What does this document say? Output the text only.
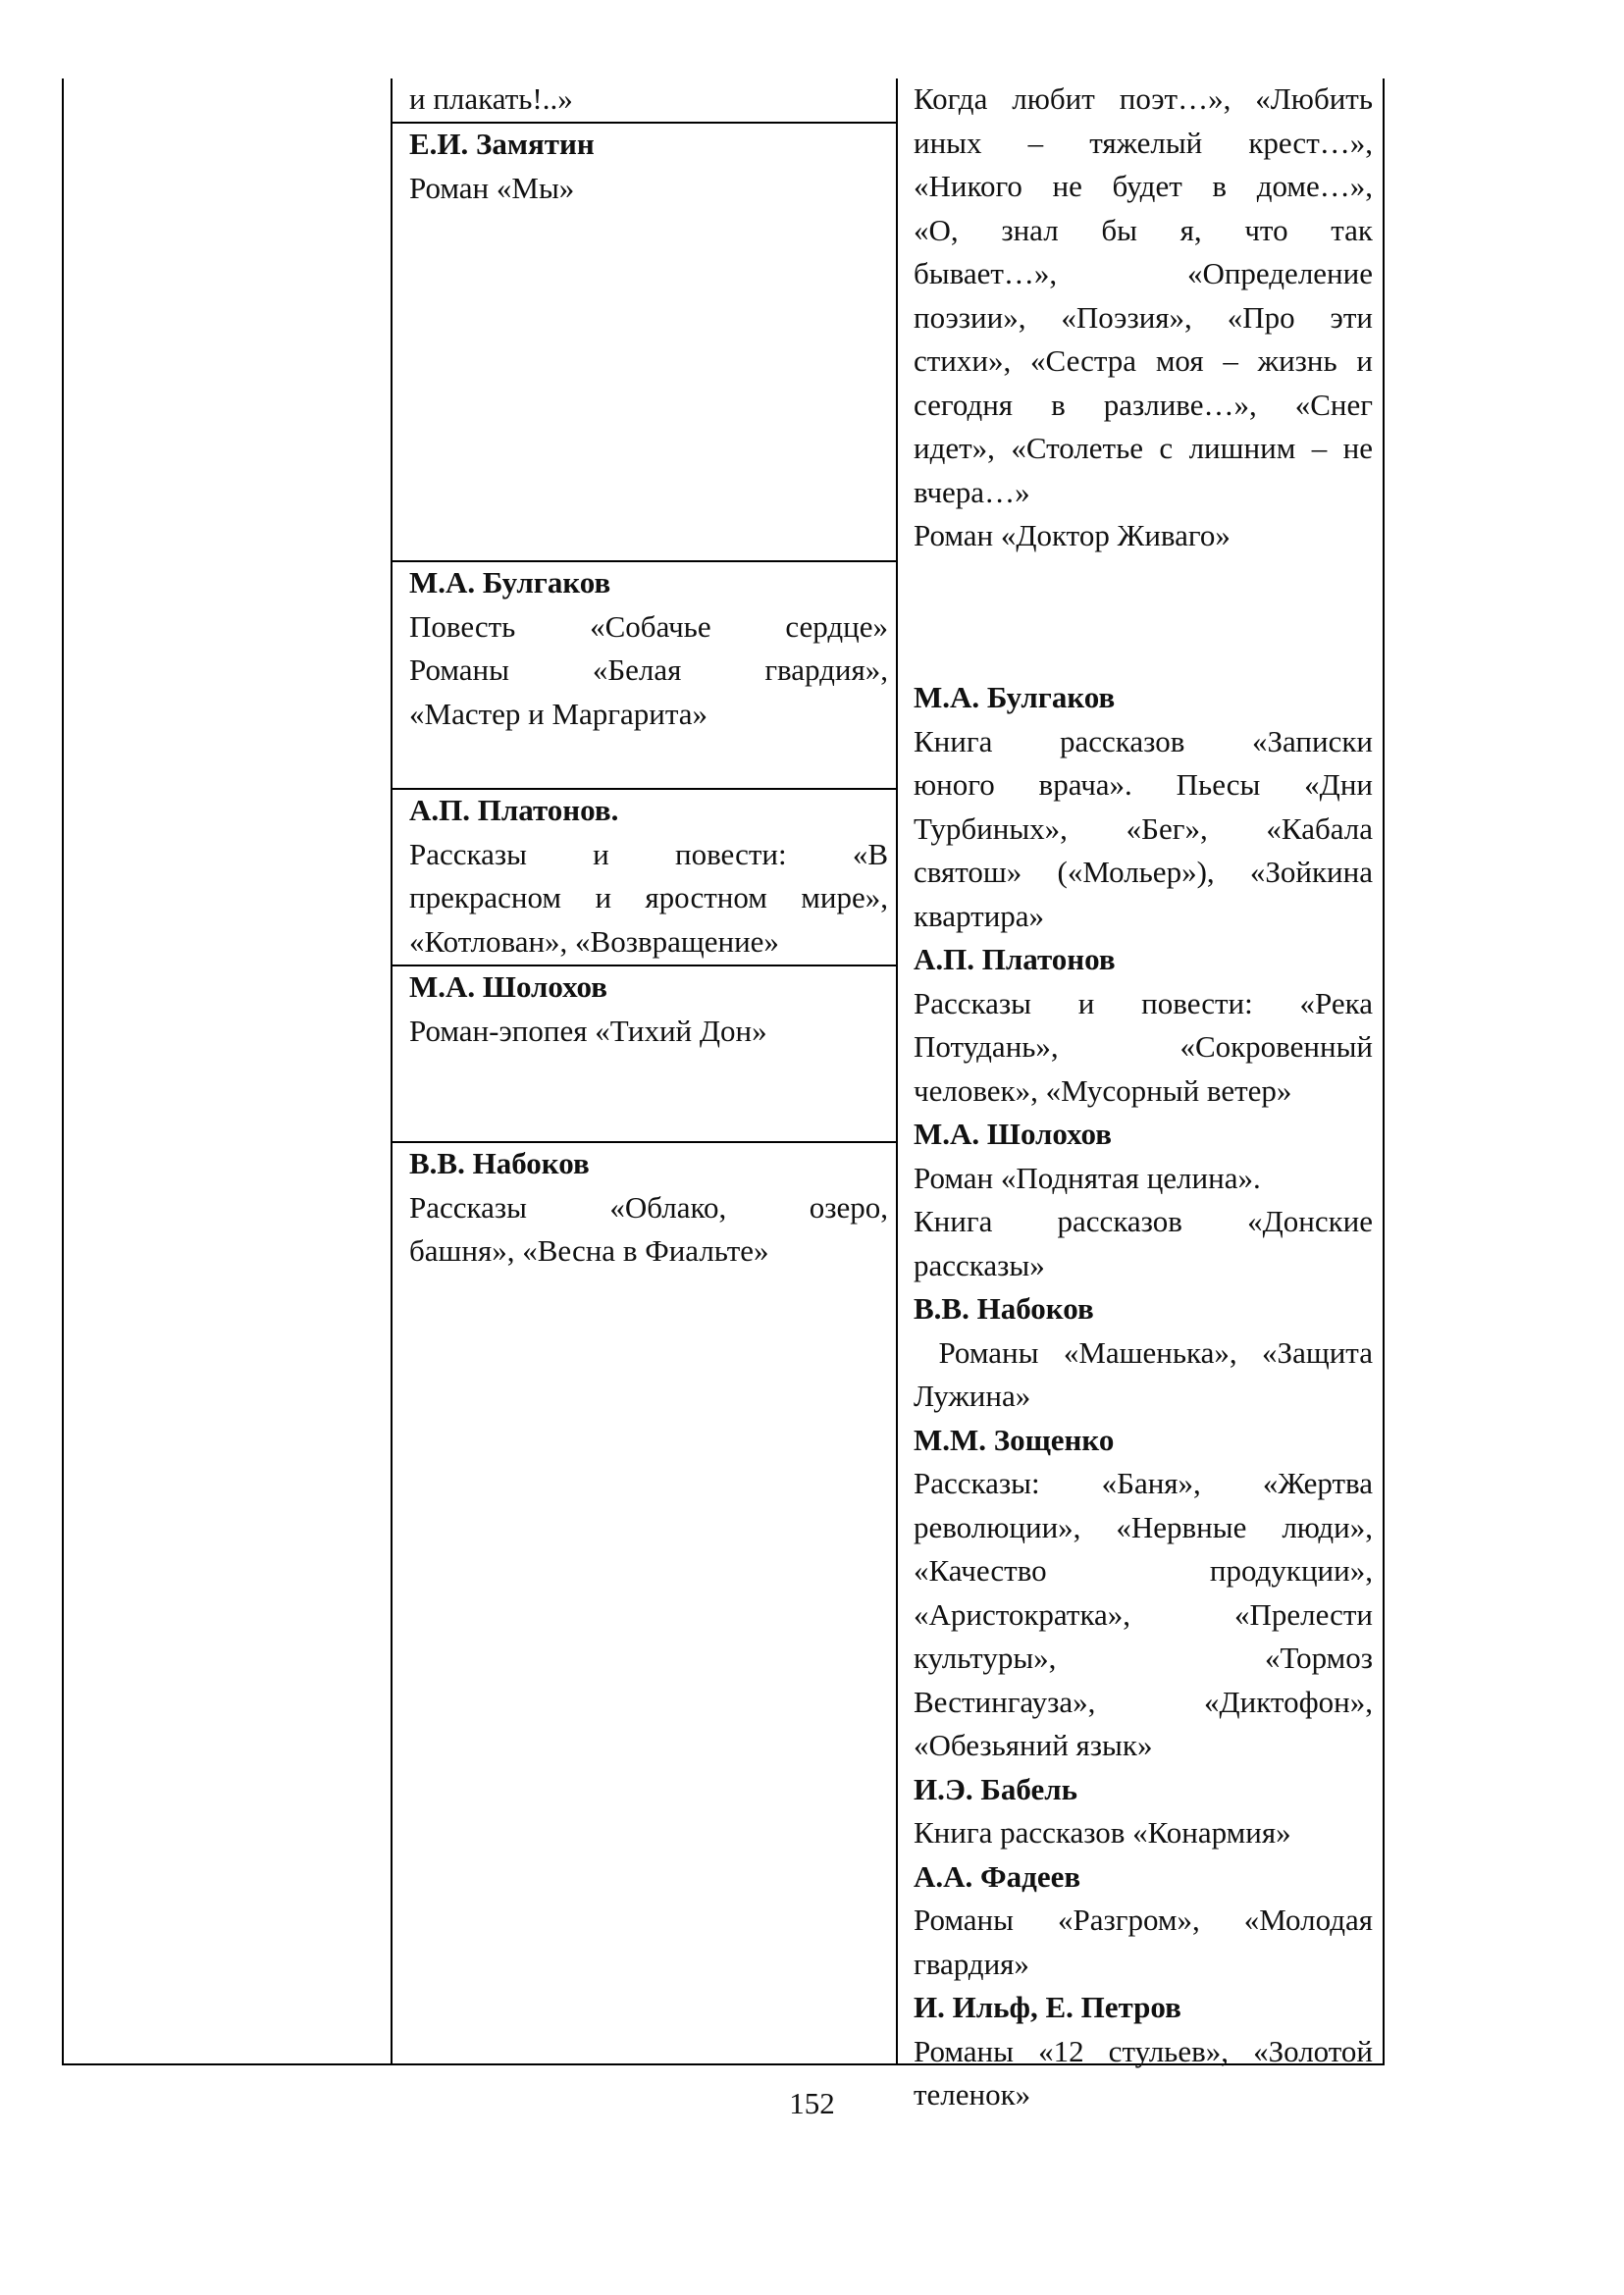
и плакать!..»

Е.И. Замятин

Роман «Мы»

М.А. Булгаков

Повесть «Собачье сердце»

Романы «Белая гвардия»,

«Мастер и Маргарита»

А.П. Платонов.

Рассказы и повести: «В

прекрасном и яростном мире»,

«Котлован», «Возвращение»

М.А. Шолохов

Роман-эпопея «Тихий Дон»

В.В. Набоков

Рассказы «Облако, озеро,

башня», «Весна в Фиальте»

Когда любит поэт…», «Любить

иных – тяжелый крест…»,

«Никого не будет в доме…»,

«О, знал бы я, что так

бывает…», «Определение

поэзии», «Поэзия», «Про эти

стихи», «Сестра моя – жизнь и

сегодня в разливе…», «Снег

идет», «Столетье с лишним – не

вчера…»

Роман «Доктор Живаго»

М.А. Булгаков

Книга рассказов «Записки

юного врача». Пьесы «Дни

Турбиных», «Бег», «Кабала

святош» («Мольер»), «Зойкина

квартира»

А.П. Платонов

Рассказы и повести: «Река

Потудань», «Сокровенный

человек», «Мусорный ветер»

М.А. Шолохов

Роман «Поднятая целина».

Книга рассказов «Донские

рассказы»

В.В. Набоков

Романы «Машенька», «Защита

Лужина»

М.М. Зощенко

Рассказы: «Баня», «Жертва

революции», «Нервные люди»,

«Качество продукции»,

«Аристократка», «Прелести

культуры», «Тормоз

Вестингауза», «Диктофон»,

«Обезьяний язык»

И.Э. Бабель

Книга рассказов «Конармия»

А.А. Фадеев

Романы «Разгром», «Молодая

гвардия»

И. Ильф, Е. Петров

Романы «12 стульев», «Золотой

теленок»

152
